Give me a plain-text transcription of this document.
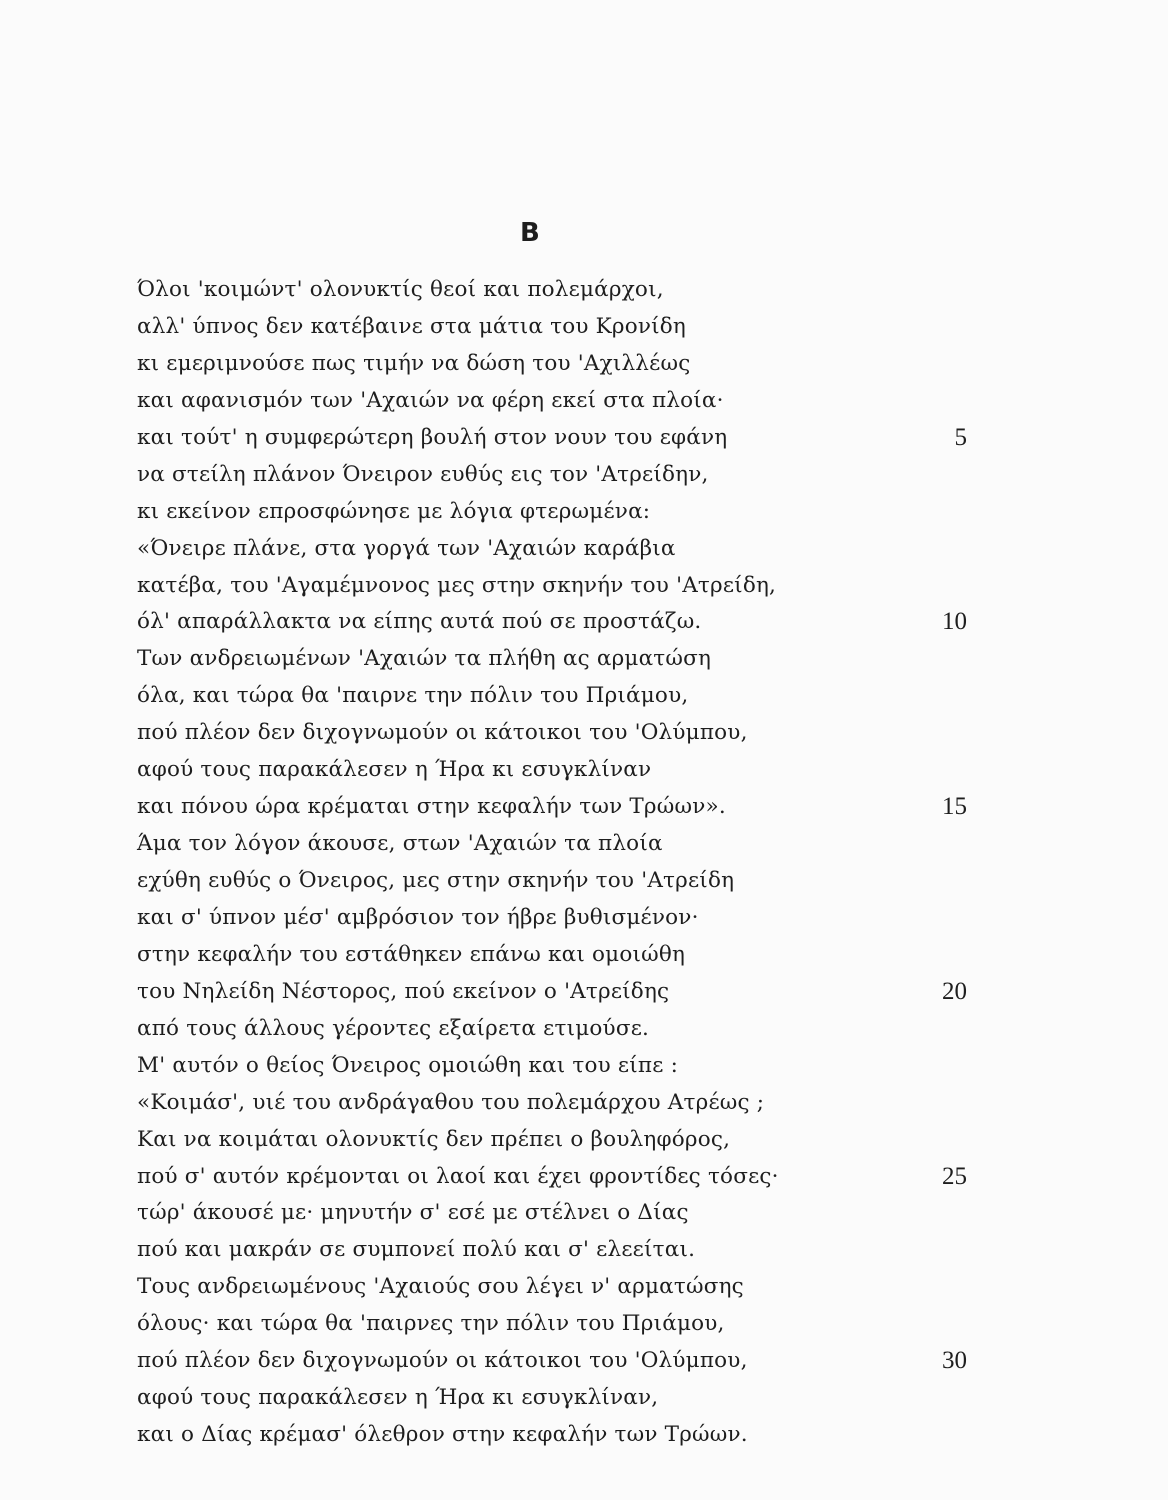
B
Όλοι 'κοιμώντ' ολονυκτίς θεοί και πολεμάρχοι,
αλλ' ύπνος δεν κατέβαινε στα μάτια του Κρονίδη
κι εμεριμνούσε πως τιμήν να δώση του 'Αχιλλέως
και αφανισμόν των 'Αχαιών να φέρη εκεί στα πλοία·
και τούτ' η συμφερώτερη βουλή στον νουν του εφάνη	5
να στείλη πλάνον Όνειρον ευθύς εις τον 'Ατρείδην,
κι εκείνον επροσφώνησε με λόγια φτερωμένα:
«Όνειρε πλάνε, στα γοργά των 'Αχαιών καράβια
κατέβα, του 'Αγαμέμνονος μες στην σκηνήν του 'Ατρείδη,
όλ' απαράλλακτα να είπης αυτά πού σε προστάζω.	10
Των ανδρειωμένων 'Αχαιών τα πλήθη ας αρματώση
όλα, και τώρα θα 'παιρνε την πόλιν του Πριάμου,
πού πλέον δεν διχογνωμούν οι κάτοικοι του 'Ολύμπου,
αφού τους παρακάλεσεν η Ήρα κι εσυγκλίναν
και πόνου ώρα κρέμαται στην κεφαλήν των Τρώων».	15
Άμα τον λόγον άκουσε, στων 'Αχαιών τα πλοία
εχύθη ευθύς ο Όνειρος, μες στην σκηνήν του 'Ατρείδη
και σ' ύπνον μέσ' αμβρόσιον τον ήβρε βυθισμένον·
στην κεφαλήν του εστάθηκεν επάνω και ομοιώθη
του Νηλείδη Νέστορος, πού εκείνον ο 'Ατρείδης	20
από τους άλλους γέροντες εξαίρετα ετιμούσε.
Μ' αυτόν ο θείος Όνειρος ομοιώθη και του είπε :
«Κοιμάσ', υιέ του ανδράγαθου του πολεμάρχου Ατρέως ;
Και να κοιμάται ολονυκτίς δεν πρέπει ο βουληφόρος,
πού σ' αυτόν κρέμονται οι λαοί και έχει φροντίδες τόσες·	25
τώρ' άκουσέ με· μηνυτήν σ' εσέ με στέλνει ο Δίας
πού και μακράν σε συμπονεί πολύ και σ' ελεείται.
Τους ανδρειωμένους 'Αχαιούς σου λέγει ν' αρματώσης
όλους· και τώρα θα 'παιρνες την πόλιν του Πριάμου,
πού πλέον δεν διχογνωμούν οι κάτοικοι του 'Ολύμπου,	30
αφού τους παρακάλεσεν η Ήρα κι εσυγκλίναν,
και ο Δίας κρέμασ' όλεθρον στην κεφαλήν των Τρώων.
